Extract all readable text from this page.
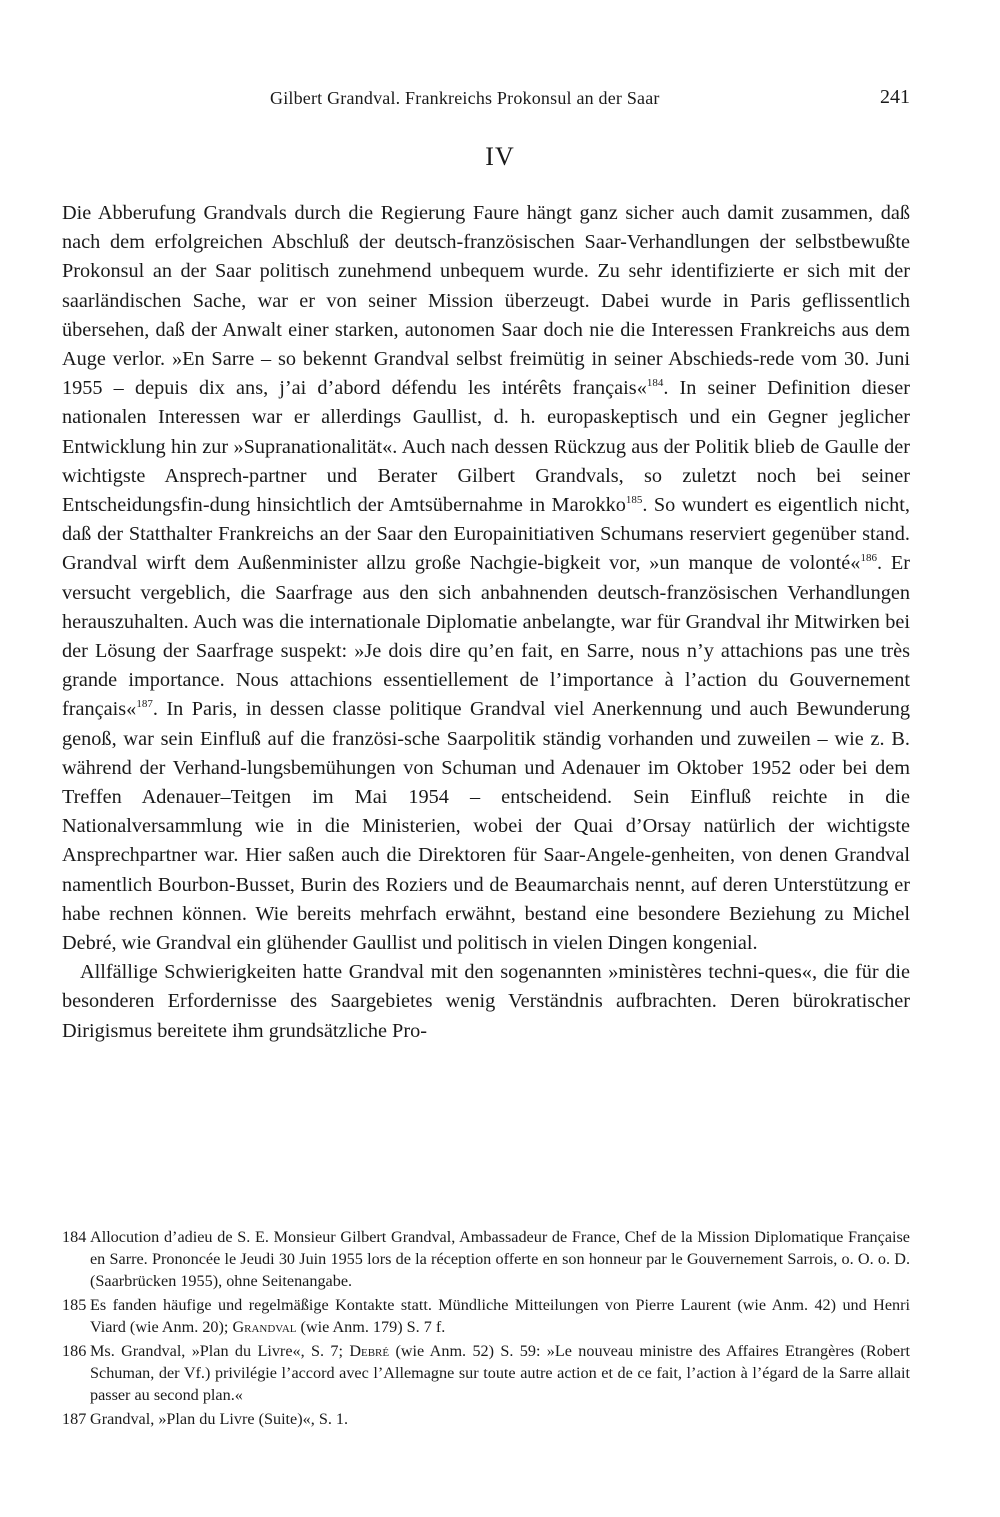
Gilbert Grandval. Frankreichs Prokonsul an der Saar	241
IV

Die Abberufung Grandvals durch die Regierung Faure hängt ganz sicher auch damit zusammen, daß nach dem erfolgreichen Abschluß der deutsch-französischen Saar-Verhandlungen der selbstbewußte Prokonsul an der Saar politisch zunehmend unbequem wurde. Zu sehr identifizierte er sich mit der saarländischen Sache, war er von seiner Mission überzeugt. Dabei wurde in Paris geflissentlich übersehen, daß der Anwalt einer starken, autonomen Saar doch nie die Interessen Frankreichs aus dem Auge verlor. »En Sarre – so bekennt Grandval selbst freimütig in seiner Abschieds-rede vom 30. Juni 1955 – depuis dix ans, j’ai d’abord défendu les intérêts français«$^{184}$. In seiner Definition dieser nationalen Interessen war er allerdings Gaullist, d. h. europaskeptisch und ein Gegner jeglicher Entwicklung hin zur »Supranationalität«. Auch nach dessen Rückzug aus der Politik blieb de Gaulle der wichtigste Ansprech-partner und Berater Gilbert Grandvals, so zuletzt noch bei seiner Entscheidungsfin-dung hinsichtlich der Amtsübernahme in Marokko$^{185}$. So wundert es eigentlich nicht, daß der Statthalter Frankreichs an der Saar den Europainitiativen Schumans reserviert gegenüber stand. Grandval wirft dem Außenminister allzu große Nachgie-bigkeit vor, »un manque de volonté«$^{186}$. Er versucht vergeblich, die Saarfrage aus den sich anbahnenden deutsch-französischen Verhandlungen herauszuhalten. Auch was die internationale Diplomatie anbelangte, war für Grandval ihr Mitwirken bei der Lösung der Saarfrage suspekt: »Je dois dire qu’en fait, en Sarre, nous n’y attachions pas une très grande importance. Nous attachions essentiellement de l’importance à l’action du Gouvernement français«$^{187}$. In Paris, in dessen classe politique Grandval viel Anerkennung und auch Bewunderung genoß, war sein Einfluß auf die französi-sche Saarpolitik ständig vorhanden und zuweilen – wie z. B. während der Verhand-lungsbemühungen von Schuman und Adenauer im Oktober 1952 oder bei dem Treffen Adenauer–Teitgen im Mai 1954 – entscheidend. Sein Einfluß reichte in die Nationalversammlung wie in die Ministerien, wobei der Quai d’Orsay natürlich der wichtigste Ansprechpartner war. Hier saßen auch die Direktoren für Saar-Angele-genheiten, von denen Grandval namentlich Bourbon-Busset, Burin des Roziers und de Beaumarchais nennt, auf deren Unterstützung er habe rechnen können. Wie bereits mehrfach erwähnt, bestand eine besondere Beziehung zu Michel Debré, wie Grandval ein glühender Gaullist und politisch in vielen Dingen kongenial.

Allfällige Schwierigkeiten hatte Grandval mit den sogenannten »ministères techni-ques«, die für die besonderen Erfordernisse des Saargebietes wenig Verständnis aufbrachten. Deren bürokratischer Dirigismus bereitete ihm grundsätzliche Pro-

184 Allocution d’adieu de S. E. Monsieur Gilbert Grandval, Ambassadeur de France, Chef de la Mission Diplomatique Française en Sarre. Prononcée le Jeudi 30 Juin 1955 lors de la réception offerte en son honneur par le Gouvernement Sarrois, o. O. o. D. (Saarbrücken 1955), ohne Seitenangabe.
185 Es fanden häufige und regelmäßige Kontakte statt. Mündliche Mitteilungen von Pierre Laurent (wie Anm. 42) und Henri Viard (wie Anm. 20); Grandval (wie Anm. 179) S. 7 f.
186 Ms. Grandval, »Plan du Livre«, S. 7; Debré (wie Anm. 52) S. 59: »Le nouveau ministre des Affaires Etrangères (Robert Schuman, der Vf.) privilégie l’accord avec l’Allemagne sur toute autre action et de ce fait, l’action à l’égard de la Sarre allait passer au second plan.«
187 Grandval, »Plan du Livre (Suite)«, S. 1.
